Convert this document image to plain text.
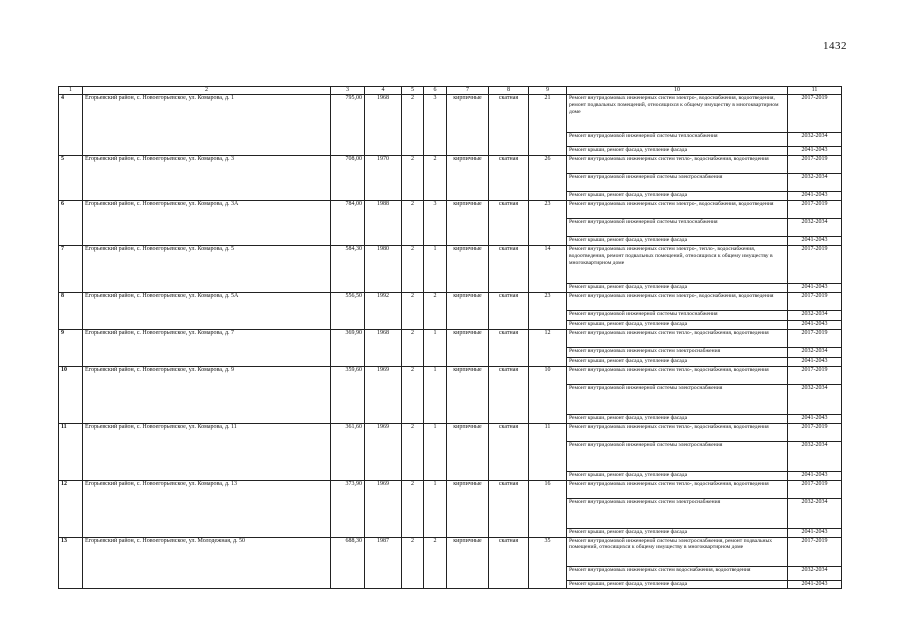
1432
1	2	3	4	5	6	7	8	9	10	11
4	Егорьевский район, с. Новоегорьевское, ул. Комарова, д. 1	795,00	1968	2	3	кирпичные	скатная	21	Ремонт внутридомовых инженерных систем электро-, водоснабжения, водоотведения, ремонт подвальных помещений, относящихся к общему имуществу в многоквартирном доме	2017-2019
									Ремонт внутридомовой инженерной системы теплоснабжения	2032-2034
									Ремонт крыши, ремонт фасада, утепление фасада	2041-2043
5	Егорьевский район, с. Новоегорьевское, ул. Комарова, д. 3	708,00	1970	2	2	кирпичные	скатная	26	Ремонт внутридомовых инженерных систем тепло-, водоснабжения, водоотведения	2017-2019
									Ремонт внутридомовой инженерной системы электроснабжения	2032-2034
									Ремонт крыши, ремонт фасада, утепление фасада	2041-2043
6	Егорьевский район, с. Новоегорьевское, ул. Комарова, д. 3А	784,00	1988	2	3	кирпичные	скатная	23	Ремонт внутридомовых инженерных систем электро-, водоснабжения, водоотведения	2017-2019
									Ремонт внутридомовой инженерной системы теплоснабжения	2032-2034
									Ремонт крыши, ремонт фасада, утепление фасада	2041-2043
7	Егорьевский район, с. Новоегорьевское, ул. Комарова, д. 5	584,30	1980	2	1	кирпичные	скатная	14	Ремонт внутридомовых инженерных систем электро-, тепло-, водоснабжения, водоотведения, ремонт подвальных помещений, относящихся к общему имуществу в многоквартирном доме	2017-2019
									Ремонт крыши, ремонт фасада, утепление фасада	2041-2043
8	Егорьевский район, с. Новоегорьевское, ул. Комарова, д. 5А	556,50	1992	2	2	кирпичные	скатная	23	Ремонт внутридомовых инженерных систем электро-, водоснабжения, водоотведения	2017-2019
									Ремонт внутридомовой инженерной системы теплоснабжения	2032-2034
									Ремонт крыши, ремонт фасада, утепление фасада	2041-2043
9	Егорьевский район, с. Новоегорьевское, ул. Комарова, д. 7	369,90	1968	2	1	кирпичные	скатная	12	Ремонт внутридомовых инженерных систем тепло-, водоснабжения, водоотведения	2017-2019
									Ремонт внутридомовых инженерных систем электроснабжения	2032-2034
									Ремонт крыши, ремонт фасада, утепление фасада	2041-2043
10	Егорьевский район, с. Новоегорьевское, ул. Комарова, д. 9	359,60	1969	2	1	кирпичные	скатная	10	Ремонт внутридомовых инженерных систем тепло-, водоснабжения, водоотведения	2017-2019
									Ремонт внутридомовой инженерной системы электроснабжения	2032-2034
									Ремонт крыши, ремонт фасада, утепление фасада	2041-2043
11	Егорьевский район, с. Новоегорьевское, ул. Комарова, д. 11	361,60	1969	2	1	кирпичные	скатная	11	Ремонт внутридомовых инженерных систем тепло-, водоснабжения, водоотведения	2017-2019
									Ремонт внутридомовой инженерной системы электроснабжения	2032-2034
									Ремонт крыши, ремонт фасада, утепление фасада	2041-2043
12	Егорьевский район, с. Новоегорьевское, ул. Комарова, д. 13	373,90	1969	2	1	кирпичные	скатная	16	Ремонт внутридомовых инженерных систем тепло-, водоснабжения, водоотведения	2017-2019
									Ремонт внутридомовых инженерных систем электроснабжения	2032-2034
									Ремонт крыши, ремонт фасада, утепление фасада	2041-2043
13	Егорьевский район, с. Новоегорьевское, ул. Молодежная, д. 50	688,30	1987	2	2	кирпичные	скатная	35	Ремонт внутридомовой инженерной системы электроснабжения, ремонт подвальных помещений, относящихся к общему имуществу в многоквартирном доме	2017-2019
									Ремонт внутридомовых инженерных систем водоснабжения, водоотведения	2032-2034
									Ремонт крыши, ремонт фасада, утепление фасада	2041-2043
